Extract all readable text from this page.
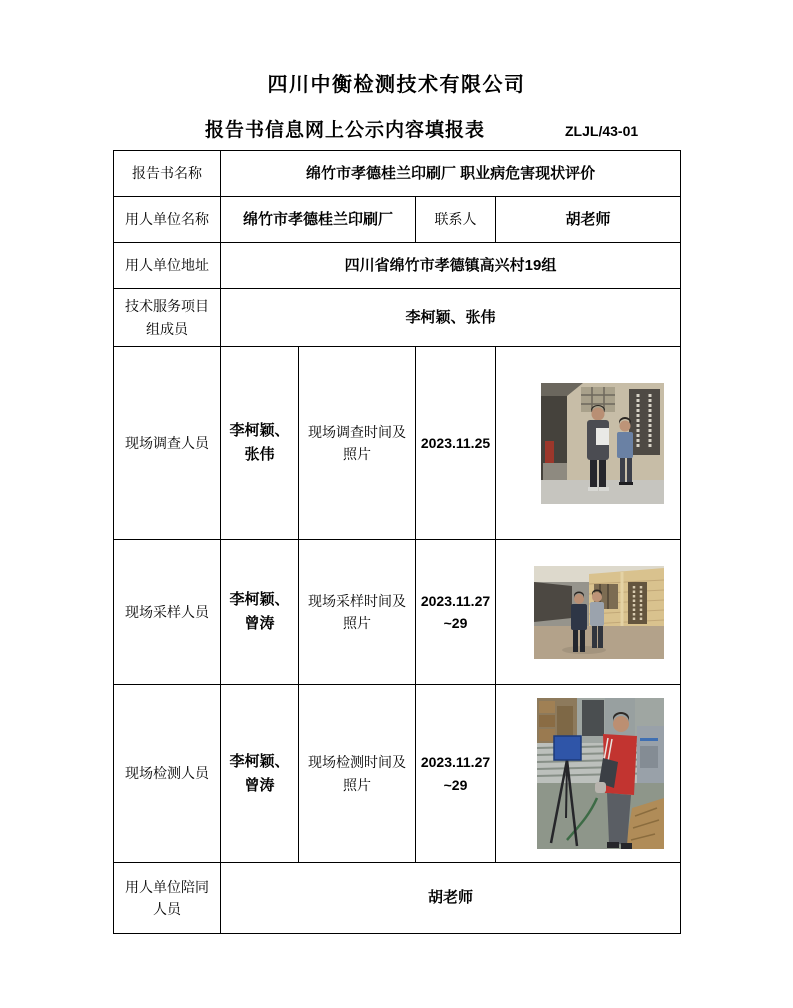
四川中衡检测技术有限公司
报告书信息网上公示内容填报表	ZLJL/43-01
报告书名称	绵竹市孝德桂兰印刷厂 职业病危害现状评价			
用人单位名称	绵竹市孝德桂兰印刷厂		联系人	胡老师
用人单位地址	四川省绵竹市孝德镇高兴村19组			
技术服务项目组成员	李柯颖、张伟			
现场调查人员	李柯颖、张伟	现场调查时间及照片	2023.11.25	

现场采样人员	李柯颖、曾涛	现场采样时间及照片	2023.11.27~29	

现场检测人员	李柯颖、曾涛	现场检测时间及照片	2023.11.27~29	

用人单位陪同人员	胡老师			
